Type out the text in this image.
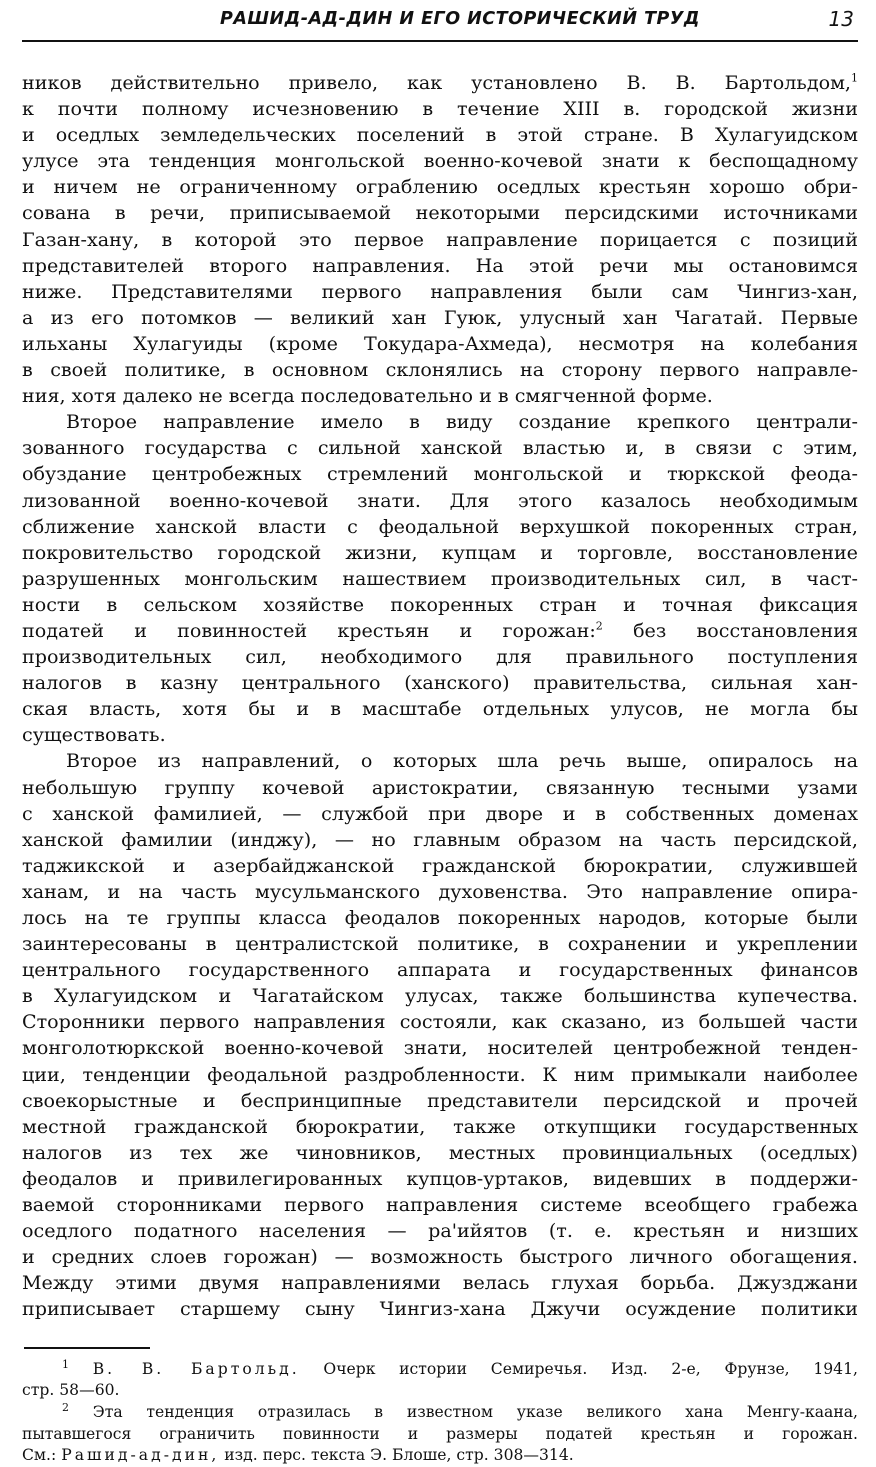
РАШИД-АД-ДИН И ЕГО ИСТОРИЧЕСКИЙ ТРУД	13
ников действительно привело, как установлено В. В. Бартольдом,$^1$
к почти полному исчезновению в течение XIII в. городской жизни
и оседлых земледельческих поселений в этой стране. В Хулагуидском
улусе эта тенденция монгольской военно-кочевой знати к беспощадному
и ничем не ограниченному ограблению оседлых крестьян хорошо обри-
сована в речи, приписываемой некоторыми персидскими источниками
Газан-хану, в которой это первое направление порицается с позиций
представителей второго направления. На этой речи мы остановимся
ниже. Представителями первого направления были сам Чингиз-хан,
а из его потомков — великий хан Гуюк, улусный хан Чагатай. Первые
ильханы Хулагуиды (кроме Токудара-Ахмеда), несмотря на колебания
в своей политике, в основном склонялись на сторону первого направле-
ния, хотя далеко не всегда последовательно и в смягченной форме.
Второе направление имело в виду создание крепкого централи-
зованного государства с сильной ханской властью и, в связи с этим,
обуздание центробежных стремлений монгольской и тюркской феода-
лизованной военно-кочевой знати. Для этого казалось необходимым
сближение ханской власти с феодальной верхушкой покоренных стран,
покровительство городской жизни, купцам и торговле, восстановление
разрушенных монгольским нашествием производительных сил, в част-
ности в сельском хозяйстве покоренных стран и точная фиксация
податей и повинностей крестьян и горожан:$^2$ без восстановления
производительных сил, необходимого для правильного поступления
налогов в казну центрального (ханского) правительства, сильная хан-
ская власть, хотя бы и в масштабе отдельных улусов, не могла бы
существовать.
Второе из направлений, о которых шла речь выше, опиралось на
небольшую группу кочевой аристократии, связанную тесными узами
с ханской фамилией, — службой при дворе и в собственных доменах
ханской фамилии (инджу), — но главным образом на часть персидской,
таджикской и азербайджанской гражданской бюрократии, служившей
ханам, и на часть мусульманского духовенства. Это направление опира-
лось на те группы класса феодалов покоренных народов, которые были
заинтересованы в централистской политике, в сохранении и укреплении
центрального государственного аппарата и государственных финансов
в Хулагуидском и Чагатайском улусах, также большинства купечества.
Сторонники первого направления состояли, как сказано, из большей части
монголотюркской военно-кочевой знати, носителей центробежной тенден-
ции, тенденции феодальной раздробленности. К ним примыкали наиболее
своекорыстные и беспринципные представители персидской и прочей
местной гражданской бюрократии, также откупщики государственных
налогов из тех же чиновников, местных провинциальных (оседлых)
феодалов и привилегированных купцов-уртаков, видевших в поддержи-
ваемой сторонниками первого направления системе всеобщего грабежа
оседлого податного населения — ра'ийятов (т. е. крестьян и низших
и средних слоев горожан) — возможность быстрого личного обогащения.
Между этими двумя направлениями велась глухая борьба. Джузджани
приписывает старшему сыну Чингиз-хана Джучи осуждение политики
$^1$ В. В. Бартольд. Очерк истории Семиречья. Изд. 2-е, Фрунзе, 1941,
стр. 58—60.
$^2$ Эта тенденция отразилась в известном указе великого хана Менгу-каана,
пытавшегося ограничить повинности и размеры податей крестьян и горожан.
См.: Рашид-ад-дин, изд. перс. текста Э. Блоше, стр. 308—314.
